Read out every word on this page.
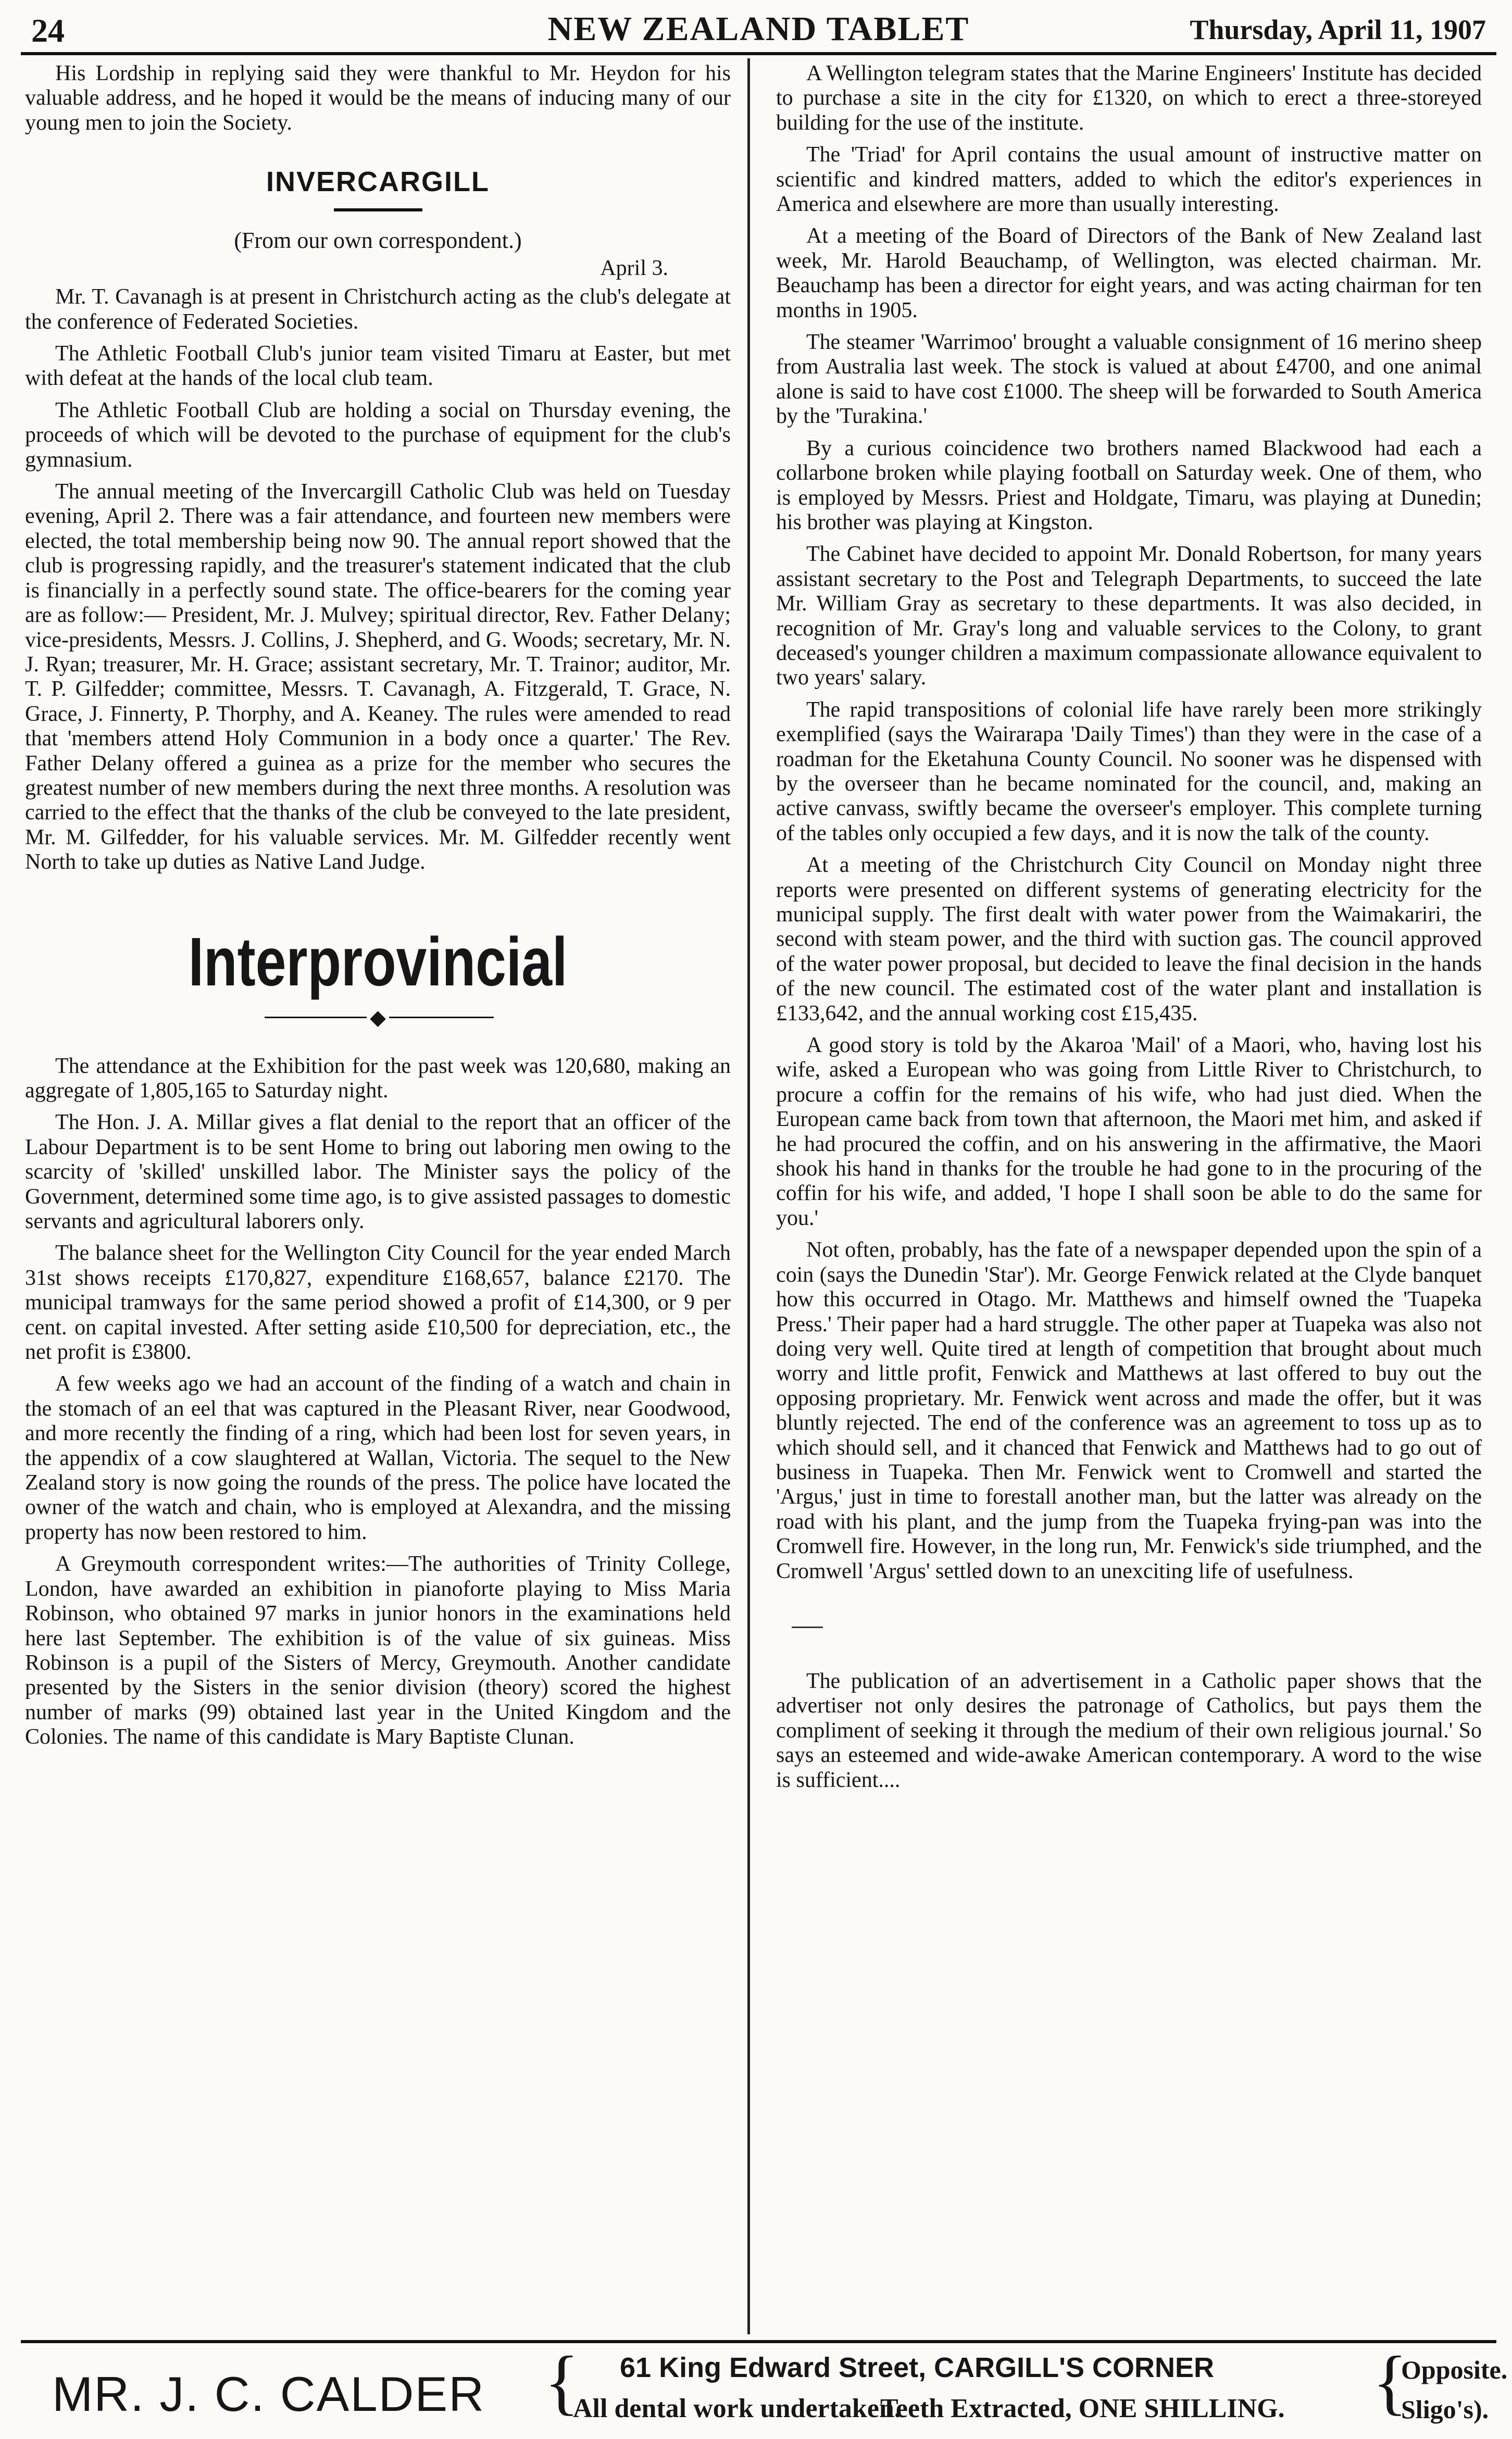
24	NEW ZEALAND TABLET	Thursday, April 11, 1907

His Lordship in replying said they were thankful to Mr. Heydon for his valuable address, and he hoped it would be the means of inducing many of our young men to join the Society.

INVERCARGILL
(From our own correspondent.)
April 3.

Mr. T. Cavanagh is at present in Christchurch acting as the club's delegate at the conference of Federated Societies.

The Athletic Football Club's junior team visited Timaru at Easter, but met with defeat at the hands of the local club team.

The Athletic Football Club are holding a social on Thursday evening, the proceeds of which will be devoted to the purchase of equipment for the club's gymnasium.

The annual meeting of the Invercargill Catholic Club was held on Tuesday evening, April 2. There was a fair attendance, and fourteen new members were elected, the total membership being now 90. The annual report showed that the club is progressing rapidly, and the treasurer's statement indicated that the club is financially in a perfectly sound state. The office-bearers for the coming year are as follow:— President, Mr. J. Mulvey; spiritual director, Rev. Father Delany; vice-presidents, Messrs. J. Collins, J. Shepherd, and G. Woods; secretary, Mr. N. J. Ryan; treasurer, Mr. H. Grace; assistant secretary, Mr. T. Trainor; auditor, Mr. T. P. Gilfedder; committee, Messrs. T. Cavanagh, A. Fitzgerald, T. Grace, N. Grace, J. Finnerty, P. Thorphy, and A. Keaney. The rules were amended to read that 'members attend Holy Communion in a body once a quarter.' The Rev. Father Delany offered a guinea as a prize for the member who secures the greatest number of new members during the next three months. A resolution was carried to the effect that the thanks of the club be conveyed to the late president, Mr. M. Gilfedder, for his valuable services. Mr. M. Gilfedder recently went North to take up duties as Native Land Judge.

Interprovincial
◆

The attendance at the Exhibition for the past week was 120,680, making an aggregate of 1,805,165 to Saturday night.

The Hon. J. A. Millar gives a flat denial to the report that an officer of the Labour Department is to be sent Home to bring out laboring men owing to the scarcity of 'skilled' unskilled labor. The Minister says the policy of the Government, determined some time ago, is to give assisted passages to domestic servants and agricultural laborers only.

The balance sheet for the Wellington City Council for the year ended March 31st shows receipts £170,827, expenditure £168,657, balance £2170. The municipal tramways for the same period showed a profit of £14,300, or 9 per cent. on capital invested. After setting aside £10,500 for depreciation, etc., the net profit is £3800.

A few weeks ago we had an account of the finding of a watch and chain in the stomach of an eel that was captured in the Pleasant River, near Goodwood, and more recently the finding of a ring, which had been lost for seven years, in the appendix of a cow slaughtered at Wallan, Victoria. The sequel to the New Zealand story is now going the rounds of the press. The police have located the owner of the watch and chain, who is employed at Alexandra, and the missing property has now been restored to him.

A Greymouth correspondent writes:—The authorities of Trinity College, London, have awarded an exhibition in pianoforte playing to Miss Maria Robinson, who obtained 97 marks in junior honors in the examinations held here last September. The exhibition is of the value of six guineas. Miss Robinson is a pupil of the Sisters of Mercy, Greymouth. Another candidate presented by the Sisters in the senior division (theory) scored the highest number of marks (99) obtained last year in the United Kingdom and the Colonies. The name of this candidate is Mary Baptiste Clunan.

A Wellington telegram states that the Marine Engineers' Institute has decided to purchase a site in the city for £1320, on which to erect a three-storeyed building for the use of the institute.

The 'Triad' for April contains the usual amount of instructive matter on scientific and kindred matters, added to which the editor's experiences in America and elsewhere are more than usually interesting.

At a meeting of the Board of Directors of the Bank of New Zealand last week, Mr. Harold Beauchamp, of Wellington, was elected chairman. Mr. Beauchamp has been a director for eight years, and was acting chairman for ten months in 1905.

The steamer 'Warrimoo' brought a valuable consignment of 16 merino sheep from Australia last week. The stock is valued at about £4700, and one animal alone is said to have cost £1000. The sheep will be forwarded to South America by the 'Turakina.'

By a curious coincidence two brothers named Blackwood had each a collarbone broken while playing football on Saturday week. One of them, who is employed by Messrs. Priest and Holdgate, Timaru, was playing at Dunedin; his brother was playing at Kingston.

The Cabinet have decided to appoint Mr. Donald Robertson, for many years assistant secretary to the Post and Telegraph Departments, to succeed the late Mr. William Gray as secretary to these departments. It was also decided, in recognition of Mr. Gray's long and valuable services to the Colony, to grant deceased's younger children a maximum compassionate allowance equivalent to two years' salary.

The rapid transpositions of colonial life have rarely been more strikingly exemplified (says the Wairarapa 'Daily Times') than they were in the case of a roadman for the Eketahuna County Council. No sooner was he dispensed with by the overseer than he became nominated for the council, and, making an active canvass, swiftly became the overseer's employer. This complete turning of the tables only occupied a few days, and it is now the talk of the county.

At a meeting of the Christchurch City Council on Monday night three reports were presented on different systems of generating electricity for the municipal supply. The first dealt with water power from the Waimakariri, the second with steam power, and the third with suction gas. The council approved of the water power proposal, but decided to leave the final decision in the hands of the new council. The estimated cost of the water plant and installation is £133,642, and the annual working cost £15,435.

A good story is told by the Akaroa 'Mail' of a Maori, who, having lost his wife, asked a European who was going from Little River to Christchurch, to procure a coffin for the remains of his wife, who had just died. When the European came back from town that afternoon, the Maori met him, and asked if he had procured the coffin, and on his answering in the affirmative, the Maori shook his hand in thanks for the trouble he had gone to in the procuring of the coffin for his wife, and added, 'I hope I shall soon be able to do the same for you.'

Not often, probably, has the fate of a newspaper depended upon the spin of a coin (says the Dunedin 'Star'). Mr. George Fenwick related at the Clyde banquet how this occurred in Otago. Mr. Matthews and himself owned the 'Tuapeka Press.' Their paper had a hard struggle. The other paper at Tuapeka was also not doing very well. Quite tired at length of competition that brought about much worry and little profit, Fenwick and Matthews at last offered to buy out the opposing proprietary. Mr. Fenwick went across and made the offer, but it was bluntly rejected. The end of the conference was an agreement to toss up as to which should sell, and it chanced that Fenwick and Matthews had to go out of business in Tuapeka. Then Mr. Fenwick went to Cromwell and started the 'Argus,' just in time to forestall another man, but the latter was already on the road with his plant, and the jump from the Tuapeka frying-pan was into the Cromwell fire. However, in the long run, Mr. Fenwick's side triumphed, and the Cromwell 'Argus' settled down to an unexciting life of usefulness.

The publication of an advertisement in a Catholic paper shows that the advertiser not only desires the patronage of Catholics, but pays them the compliment of seeking it through the medium of their own religious journal.' So says an esteemed and wide-awake American contemporary. A word to the wise is sufficient....

MR. J. C. CALDER { 61 King Edward Street, CARGILL'S CORNER
All dental work undertaken.
Teeth Extracted, ONE SHILLING. {
Opposite.
Sligo's).
